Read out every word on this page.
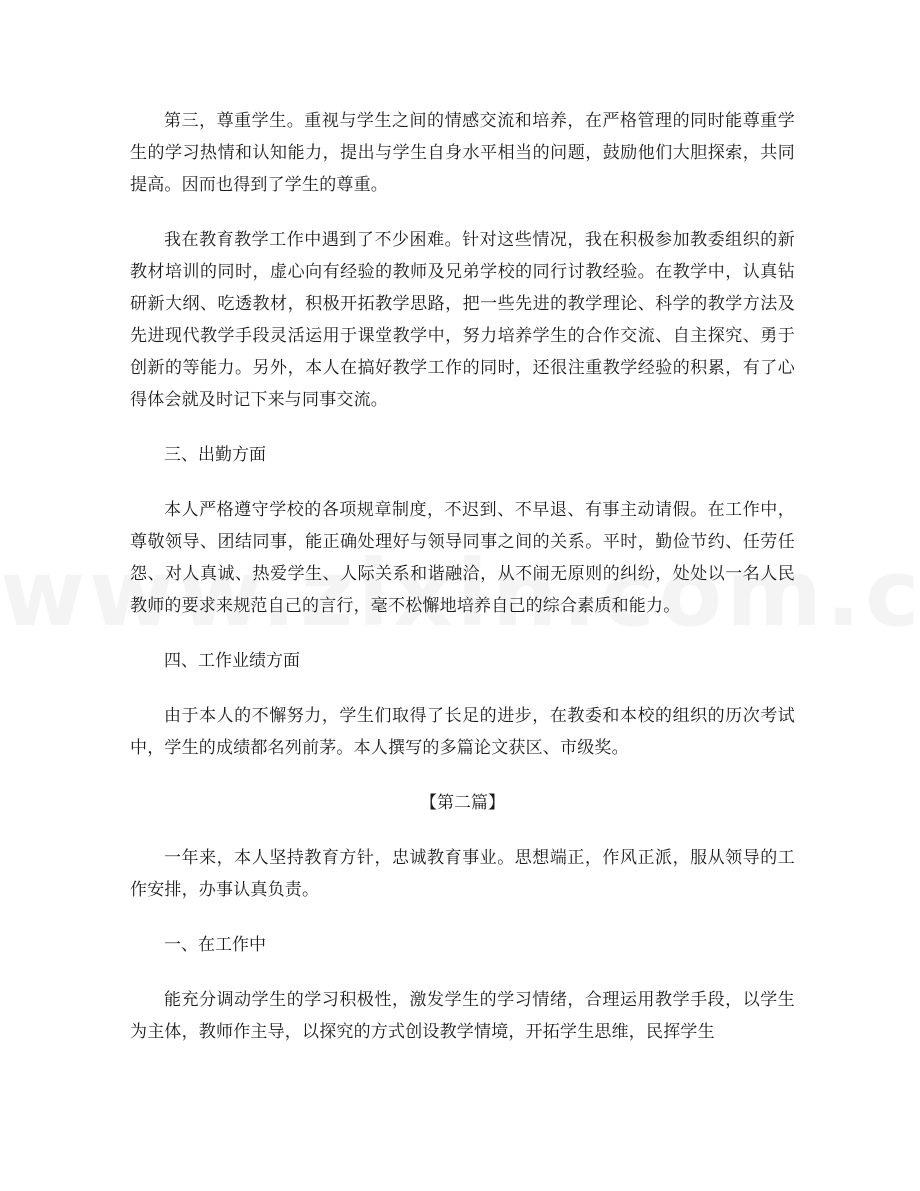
第三，尊重学生。重视与学生之间的情感交流和培养，在严格管理的同时能尊重学生的学习热情和认知能力，提出与学生自身水平相当的问题，鼓励他们大胆探索，共同提高。因而也得到了学生的尊重。

我在教育教学工作中遇到了不少困难。针对这些情况，我在积极参加教委组织的新教材培训的同时，虚心向有经验的教师及兄弟学校的同行讨教经验。在教学中，认真钻研新大纲、吃透教材，积极开拓教学思路，把一些先进的教学理论、科学的教学方法及先进现代教学手段灵活运用于课堂教学中，努力培养学生的合作交流、自主探究、勇于创新的等能力。另外，本人在搞好教学工作的同时，还很注重教学经验的积累，有了心得体会就及时记下来与同事交流。

三、出勤方面

本人严格遵守学校的各项规章制度，不迟到、不早退、有事主动请假。在工作中，尊敬领导、团结同事，能正确处理好与领导同事之间的关系。平时，勤俭节约、任劳任怨、对人真诚、热爱学生、人际关系和谐融洽，从不闹无原则的纠纷，处处以一名人民教师的要求来规范自己的言行，毫不松懈地培养自己的综合素质和能力。

四、工作业绩方面

由于本人的不懈努力，学生们取得了长足的进步，在教委和本校的组织的历次考试中，学生的成绩都名列前茅。本人撰写的多篇论文获区、市级奖。

【第二篇】

一年来，本人坚持教育方针，忠诚教育事业。思想端正，作风正派，服从领导的工作安排，办事认真负责。

一、在工作中

能充分调动学生的学习积极性，激发学生的学习情绪，合理运用教学手段，以学生为主体，教师作主导，以探究的方式创设教学情境，开拓学生思维，民挥学生
